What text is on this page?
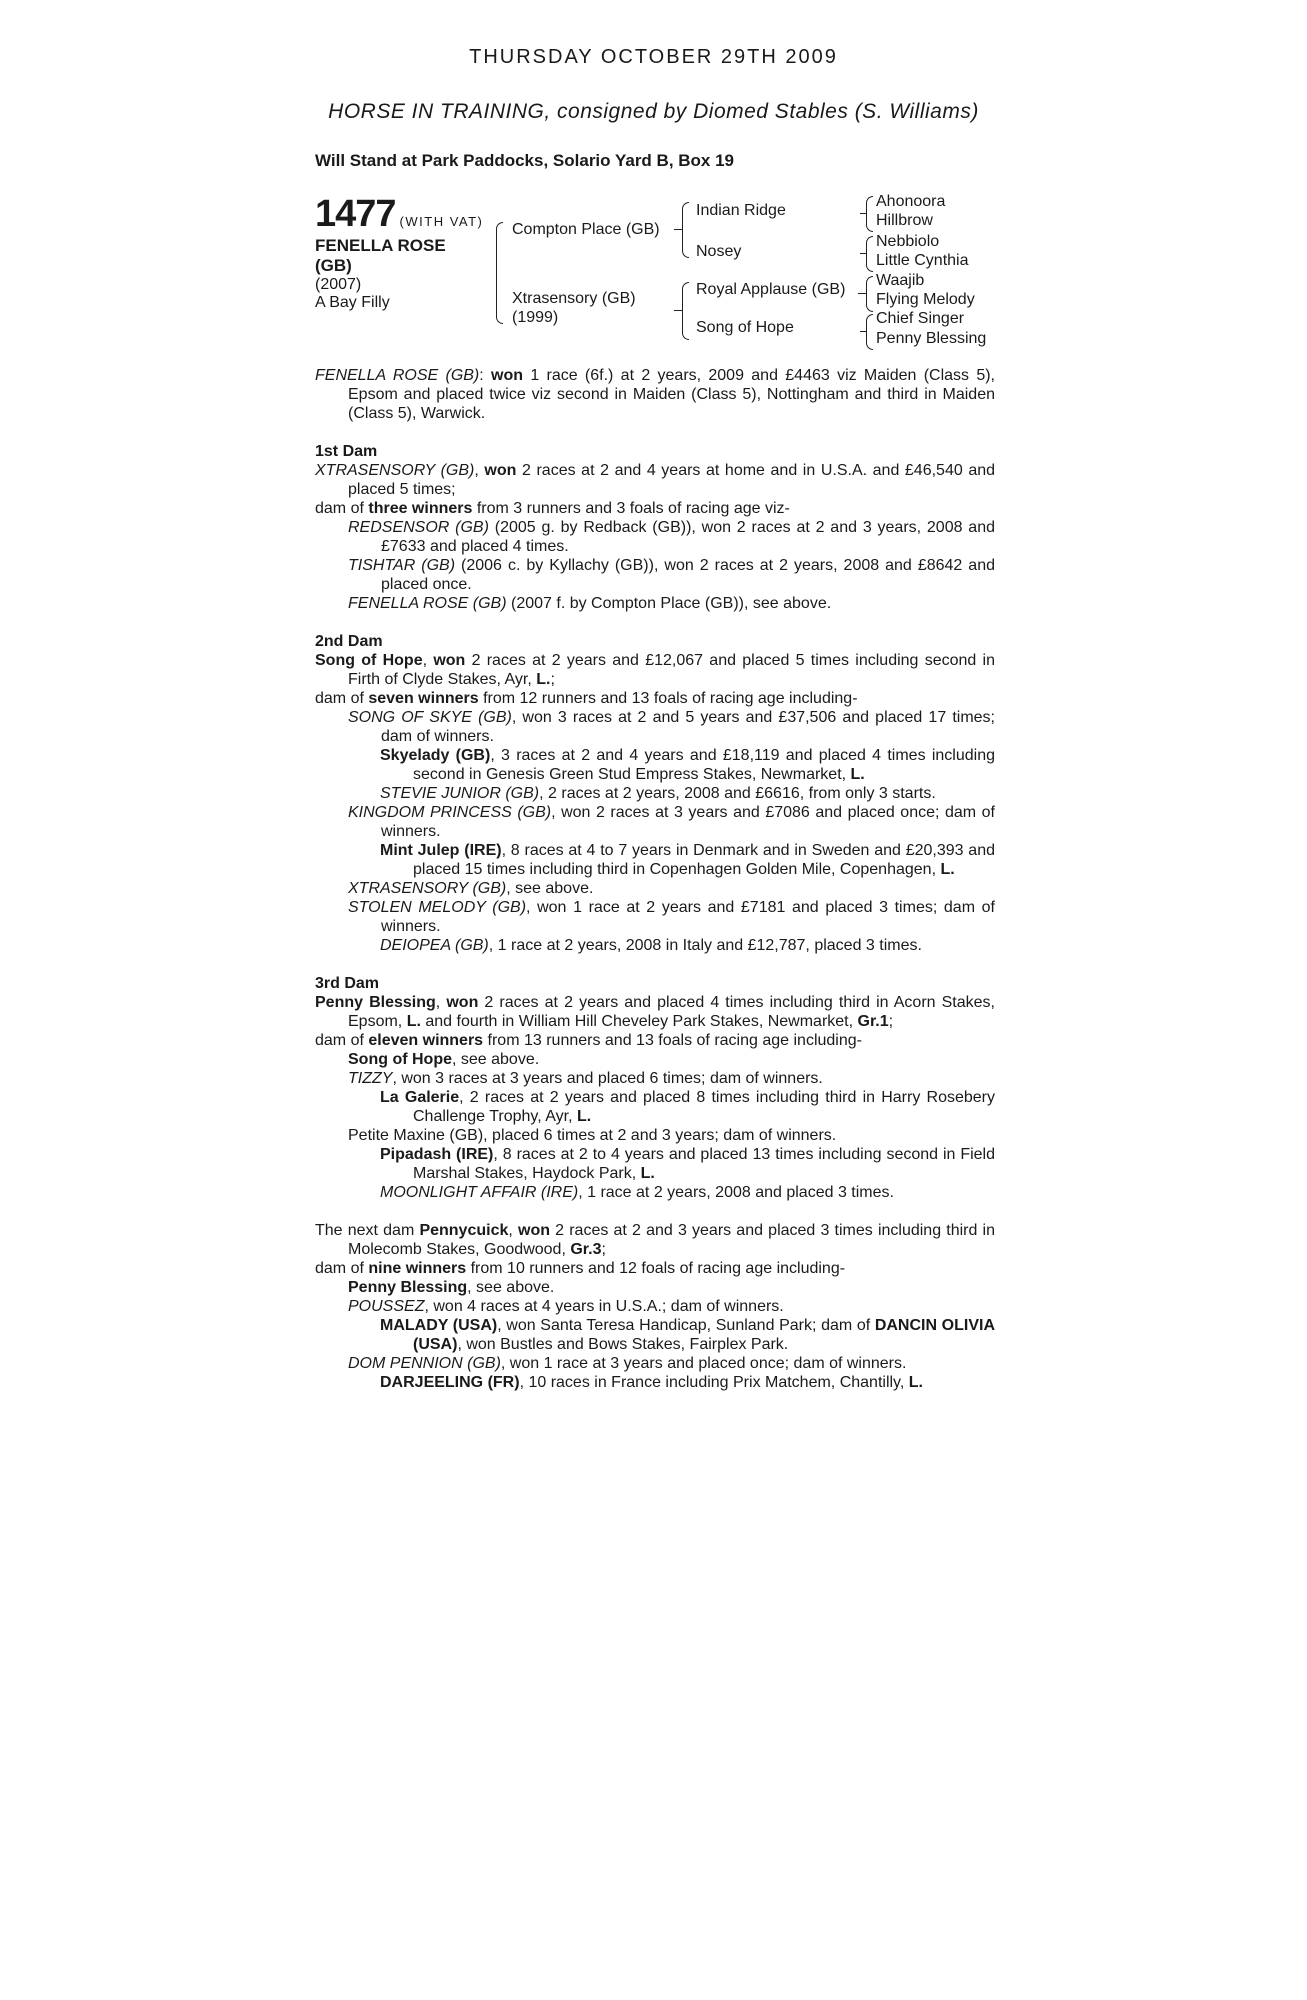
THURSDAY OCTOBER 29TH 2009
HORSE IN TRAINING, consigned by Diomed Stables (S. Williams)
Will Stand at Park Paddocks, Solario Yard B, Box 19
1477 (WITH VAT)
FENELLA ROSE (GB)
(2007)
A Bay Filly
Compton Place (GB)
Xtrasensory (GB)
(1999)
Indian Ridge
Nosey
Royal Applause (GB)
Song of Hope
Ahonoora
Hillbrow
Nebbiolo
Little Cynthia
Waajib
Flying Melody
Chief Singer
Penny Blessing

FENELLA ROSE (GB): won 1 race (6f.) at 2 years, 2009 and £4463 viz Maiden (Class 5), Epsom and placed twice viz second in Maiden (Class 5), Nottingham and third in Maiden (Class 5), Warwick.

1st Dam

XTRASENSORY (GB), won 2 races at 2 and 4 years at home and in U.S.A. and £46,540 and placed 5 times;

dam of three winners from 3 runners and 3 foals of racing age viz-

REDSENSOR (GB) (2005 g. by Redback (GB)), won 2 races at 2 and 3 years, 2008 and £7633 and placed 4 times.

TISHTAR (GB) (2006 c. by Kyllachy (GB)), won 2 races at 2 years, 2008 and £8642 and placed once.

FENELLA ROSE (GB) (2007 f. by Compton Place (GB)), see above.

2nd Dam

Song of Hope, won 2 races at 2 years and £12,067 and placed 5 times including second in Firth of Clyde Stakes, Ayr, L.;

dam of seven winners from 12 runners and 13 foals of racing age including-

SONG OF SKYE (GB), won 3 races at 2 and 5 years and £37,506 and placed 17 times; dam of winners.

Skyelady (GB), 3 races at 2 and 4 years and £18,119 and placed 4 times including second in Genesis Green Stud Empress Stakes, Newmarket, L.

STEVIE JUNIOR (GB), 2 races at 2 years, 2008 and £6616, from only 3 starts.

KINGDOM PRINCESS (GB), won 2 races at 3 years and £7086 and placed once; dam of winners.

Mint Julep (IRE), 8 races at 4 to 7 years in Denmark and in Sweden and £20,393 and placed 15 times including third in Copenhagen Golden Mile, Copenhagen, L.

XTRASENSORY (GB), see above.

STOLEN MELODY (GB), won 1 race at 2 years and £7181 and placed 3 times; dam of winners.

DEIOPEA (GB), 1 race at 2 years, 2008 in Italy and £12,787, placed 3 times.

3rd Dam

Penny Blessing, won 2 races at 2 years and placed 4 times including third in Acorn Stakes, Epsom, L. and fourth in William Hill Cheveley Park Stakes, Newmarket, Gr.1;

dam of eleven winners from 13 runners and 13 foals of racing age including-

Song of Hope, see above.

TIZZY, won 3 races at 3 years and placed 6 times; dam of winners.

La Galerie, 2 races at 2 years and placed 8 times including third in Harry Rosebery Challenge Trophy, Ayr, L.

Petite Maxine (GB), placed 6 times at 2 and 3 years; dam of winners.

Pipadash (IRE), 8 races at 2 to 4 years and placed 13 times including second in Field Marshal Stakes, Haydock Park, L.

MOONLIGHT AFFAIR (IRE), 1 race at 2 years, 2008 and placed 3 times.

The next dam Pennycuick, won 2 races at 2 and 3 years and placed 3 times including third in Molecomb Stakes, Goodwood, Gr.3;

dam of nine winners from 10 runners and 12 foals of racing age including-

Penny Blessing, see above.

POUSSEZ, won 4 races at 4 years in U.S.A.; dam of winners.

MALADY (USA), won Santa Teresa Handicap, Sunland Park; dam of DANCIN OLIVIA (USA), won Bustles and Bows Stakes, Fairplex Park.

DOM PENNION (GB), won 1 race at 3 years and placed once; dam of winners.

DARJEELING (FR), 10 races in France including Prix Matchem, Chantilly, L.
